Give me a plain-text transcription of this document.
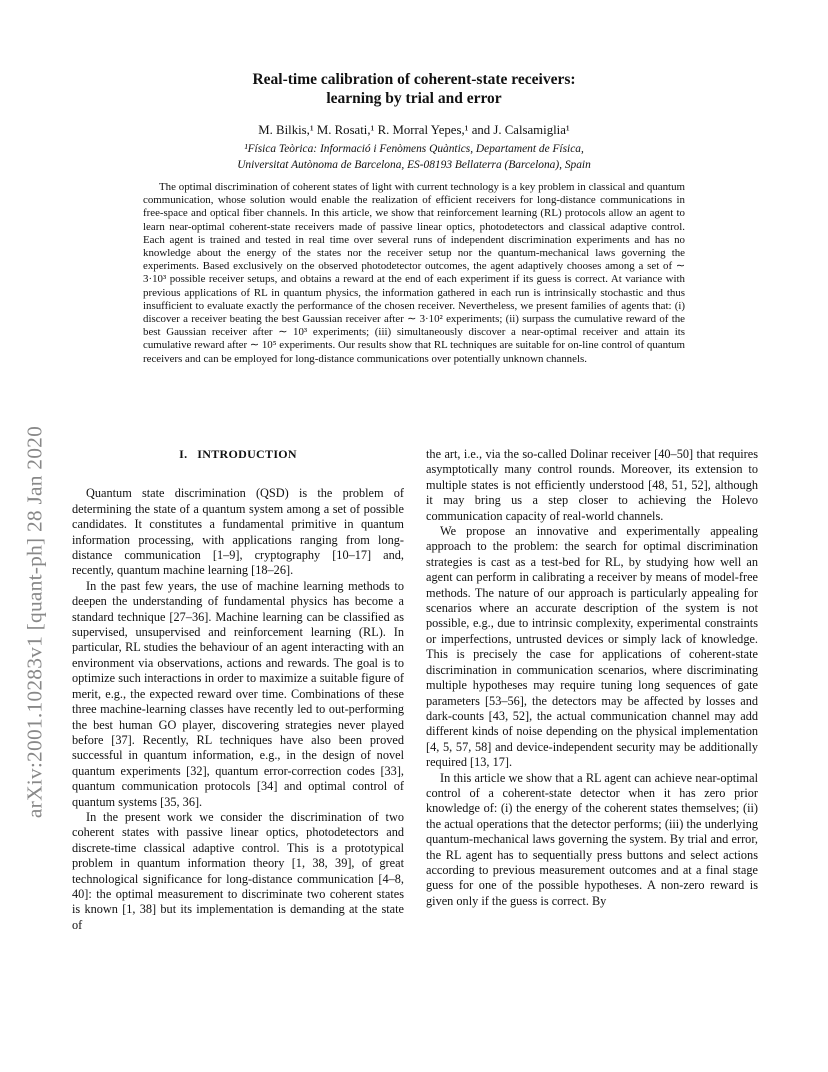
arXiv:2001.10283v1 [quant-ph] 28 Jan 2020
Real-time calibration of coherent-state receivers:
learning by trial and error
M. Bilkis,¹ M. Rosati,¹ R. Morral Yepes,¹ and J. Calsamiglia¹
¹Física Teòrica: Informació i Fenòmens Quàntics, Departament de Física,
Universitat Autònoma de Barcelona, ES-08193 Bellaterra (Barcelona), Spain

The optimal discrimination of coherent states of light with current technology is a key problem in classical and quantum communication, whose solution would enable the realization of efficient receivers for long-distance communications in free-space and optical fiber channels. In this article, we show that reinforcement learning (RL) protocols allow an agent to learn near-optimal coherent-state receivers made of passive linear optics, photodetectors and classical adaptive control. Each agent is trained and tested in real time over several runs of independent discrimination experiments and has no knowledge about the energy of the states nor the receiver setup nor the quantum-mechanical laws governing the experiments. Based exclusively on the observed photodetector outcomes, the agent adaptively chooses among a set of ∼ 3·10³ possible receiver setups, and obtains a reward at the end of each experiment if its guess is correct. At variance with previous applications of RL in quantum physics, the information gathered in each run is intrinsically stochastic and thus insufficient to evaluate exactly the performance of the chosen receiver. Nevertheless, we present families of agents that: (i) discover a receiver beating the best Gaussian receiver after ∼ 3·10² experiments; (ii) surpass the cumulative reward of the best Gaussian receiver after ∼ 10³ experiments; (iii) simultaneously discover a near-optimal receiver and attain its cumulative reward after ∼ 10⁵ experiments. Our results show that RL techniques are suitable for on-line control of quantum receivers and can be employed for long-distance communications over potentially unknown channels.

I. INTRODUCTION

Quantum state discrimination (QSD) is the problem of determining the state of a quantum system among a set of possible candidates. It constitutes a fundamental primitive in quantum information processing, with applications ranging from long-distance communication [1–9], cryptography [10–17] and, recently, quantum machine learning [18–26].

In the past few years, the use of machine learning methods to deepen the understanding of fundamental physics has become a standard technique [27–36]. Machine learning can be classified as supervised, unsupervised and reinforcement learning (RL). In particular, RL studies the behaviour of an agent interacting with an environment via observations, actions and rewards. The goal is to optimize such interactions in order to maximize a suitable figure of merit, e.g., the expected reward over time. Combinations of these three machine-learning classes have recently led to out-performing the best human GO player, discovering strategies never played before [37]. Recently, RL techniques have also been proved successful in quantum information, e.g., in the design of novel quantum experiments [32], quantum error-correction codes [33], quantum communication protocols [34] and optimal control of quantum systems [35, 36].

In the present work we consider the discrimination of two coherent states with passive linear optics, photodetectors and discrete-time classical adaptive control. This is a prototypical problem in quantum information theory [1, 38, 39], of great technological significance for long-distance communication [4–8, 40]: the optimal measurement to discriminate two coherent states is known [1, 38] but its implementation is demanding at the state of

the art, i.e., via the so-called Dolinar receiver [40–50] that requires asymptotically many control rounds. Moreover, its extension to multiple states is not efficiently understood [48, 51, 52], although it may bring us a step closer to achieving the Holevo communication capacity of real-world channels.

We propose an innovative and experimentally appealing approach to the problem: the search for optimal discrimination strategies is cast as a test-bed for RL, by studying how well an agent can perform in calibrating a receiver by means of model-free methods. The nature of our approach is particularly appealing for scenarios where an accurate description of the system is not possible, e.g., due to intrinsic complexity, experimental constraints or imperfections, untrusted devices or simply lack of knowledge. This is precisely the case for applications of coherent-state discrimination in communication scenarios, where discriminating multiple hypotheses may require tuning long sequences of gate parameters [53–56], the detectors may be affected by losses and dark-counts [43, 52], the actual communication channel may add different kinds of noise depending on the physical implementation [4, 5, 57, 58] and device-independent security may be additionally required [13, 17].

In this article we show that a RL agent can achieve near-optimal control of a coherent-state detector when it has zero prior knowledge of: (i) the energy of the coherent states themselves; (ii) the actual operations that the detector performs; (iii) the underlying quantum-mechanical laws governing the system. By trial and error, the RL agent has to sequentially press buttons and select actions according to previous measurement outcomes and at a final stage guess for one of the possible hypotheses. A non-zero reward is given only if the guess is correct. By
